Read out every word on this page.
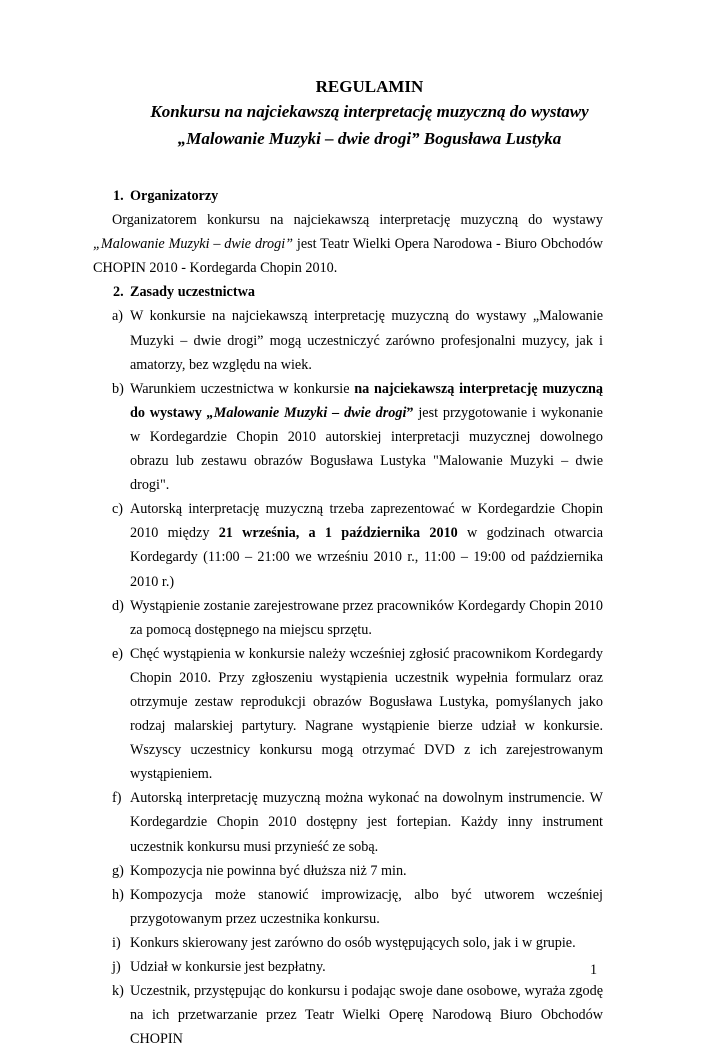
REGULAMIN
Konkursu na najciekawszą interpretację muzyczną do wystawy
„Malowanie Muzyki – dwie drogi” Bogusława Lustyka
1. Organizatorzy
Organizatorem konkursu na najciekawszą interpretację muzyczną do wystawy „Malowanie Muzyki – dwie drogi” jest Teatr Wielki Opera Narodowa - Biuro Obchodów CHOPIN 2010 - Kordegarda Chopin 2010.
2. Zasady uczestnictwa
a) W konkursie na najciekawszą interpretację muzyczną do wystawy „Malowanie Muzyki – dwie drogi” mogą uczestniczyć zarówno profesjonalni muzycy, jak i amatorzy, bez względu na wiek.
b) Warunkiem uczestnictwa w konkursie na najciekawszą interpretację muzyczną do wystawy „Malowanie Muzyki – dwie drogi” jest przygotowanie i wykonanie w Kordegardzie Chopin 2010 autorskiej interpretacji muzycznej dowolnego obrazu lub zestawu obrazów Bogusława Lustyka "Malowanie Muzyki – dwie drogi".
c) Autorską interpretację muzyczną trzeba zaprezentować w Kordegardzie Chopin 2010 między 21 września, a 1 października 2010 w godzinach otwarcia Kordegardy (11:00 – 21:00 we wrześniu 2010 r., 11:00 – 19:00 od października 2010 r.)
d) Wystąpienie zostanie zarejestrowane przez pracowników Kordegardy Chopin 2010 za pomocą dostępnego na miejscu sprzętu.
e) Chęć wystąpienia w konkursie należy wcześniej zgłosić pracownikom Kordegardy Chopin 2010. Przy zgłoszeniu wystąpienia uczestnik wypełnia formularz oraz otrzymuje zestaw reprodukcji obrazów Bogusława Lustyka, pomyślanych jako rodzaj malarskiej partytury. Nagrane wystąpienie bierze udział w konkursie. Wszyscy uczestnicy konkursu mogą otrzymać DVD z ich zarejestrowanym wystąpieniem.
f) Autorską interpretację muzyczną można wykonać na dowolnym instrumencie. W Kordegardzie Chopin 2010 dostępny jest fortepian. Każdy inny instrument uczestnik konkursu musi przynieść ze sobą.
g) Kompozycja nie powinna być dłuższa niż 7 min.
h) Kompozycja może stanowić improwizację, albo być utworem wcześniej przygotowanym przez uczestnika konkursu.
i) Konkurs skierowany jest zarówno do osób występujących solo, jak i w grupie.
j) Udział w konkursie jest bezpłatny.
k) Uczestnik, przystępując do konkursu i podając swoje dane osobowe, wyraża zgodę na ich przetwarzanie przez Teatr Wielki Operę Narodową Biuro Obchodów CHOPIN
1
